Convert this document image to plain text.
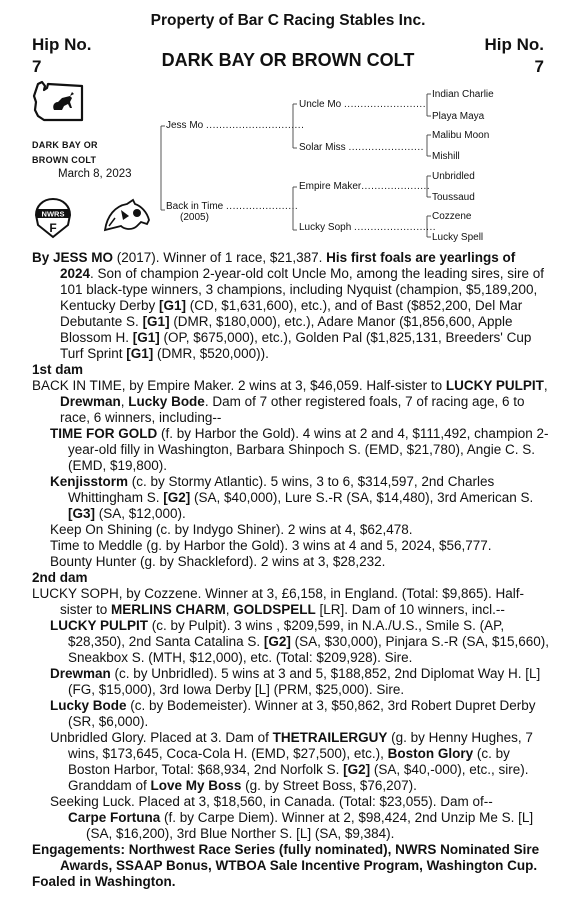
Property of Bar C Racing Stables Inc.
Hip No.
7
Hip No.
7
DARK BAY OR BROWN COLT
DARK BAY OR
BROWN COLT
March 8, 2023
NWRS
F
Jess Mo ..............................
Back in Time ......................
(2005)
Uncle Mo .........................
Solar Miss .......................
Empire Maker.....................
Lucky Soph .........................
Indian Charlie
Playa Maya
Malibu Moon
Mishill
Unbridled
Toussaud
Cozzene
Lucky Spell

By JESS MO (2017). Winner of 1 race, $21,387. His first foals are yearlings of 2024. Son of champion 2-year-old colt Uncle Mo, among the leading sires, sire of 101 black-type winners, 3 champions, including Nyquist (champion, $5,189,200, Kentucky Derby [G1] (CD, $1,631,600), etc.), and of Bast ($852,200, Del Mar Debutante S. [G1] (DMR, $180,000), etc.), Adare Manor ($1,856,600, Apple Blossom H. [G1] (OP, $675,000), etc.), Golden Pal ($1,825,131, Breeders' Cup Turf Sprint [G1] (DMR, $520,000)).

1st dam

BACK IN TIME, by Empire Maker. 2 wins at 3, $46,059. Half-sister to LUCKY PULPIT, Drewman, Lucky Bode. Dam of 7 other registered foals, 7 of racing age, 6 to race, 6 winners, including--

TIME FOR GOLD (f. by Harbor the Gold). 4 wins at 2 and 4, $111,492, champion 2-year-old filly in Washington, Barbara Shinpoch S. (EMD, $21,780), Angie C. S. (EMD, $19,800).

Kenjisstorm (c. by Stormy Atlantic). 5 wins, 3 to 6, $314,597, 2nd Charles Whittingham S. [G2] (SA, $40,000), Lure S.-R (SA, $14,480), 3rd American S. [G3] (SA, $12,000).

Keep On Shining (c. by Indygo Shiner). 2 wins at 4, $62,478.

Time to Meddle (g. by Harbor the Gold). 3 wins at 4 and 5, 2024, $56,777.

Bounty Hunter (g. by Shackleford). 2 wins at 3, $28,232.

2nd dam

LUCKY SOPH, by Cozzene. Winner at 3, £6,158, in England. (Total: $9,865). Half-sister to MERLINS CHARM, GOLDSPELL [LR]. Dam of 10 winners, incl.--

LUCKY PULPIT (c. by Pulpit). 3 wins , $209,599, in N.A./U.S., Smile S. (AP, $28,350), 2nd Santa Catalina S. [G2] (SA, $30,000), Pinjara S.-R (SA, $15,660), Sneakbox S. (MTH, $12,000), etc. (Total: $209,928). Sire.

Drewman (c. by Unbridled). 5 wins at 3 and 5, $188,852, 2nd Diplomat Way H. [L] (FG, $15,000), 3rd Iowa Derby [L] (PRM, $25,000). Sire.

Lucky Bode (c. by Bodemeister). Winner at 3, $50,862, 3rd Robert Dupret Derby (SR, $6,000).

Unbridled Glory. Placed at 3. Dam of THETRAILERGUY (g. by Henny Hughes, 7 wins, $173,645, Coca-Cola H. (EMD, $27,500), etc.), Boston Glory (c. by Boston Harbor, Total: $68,934, 2nd Norfolk S. [G2] (SA, $40,-000), etc., sire). Granddam of Love My Boss (g. by Street Boss, $76,207).

Seeking Luck. Placed at 3, $18,560, in Canada. (Total: $23,055). Dam of--

Carpe Fortuna (f. by Carpe Diem). Winner at 2, $98,424, 2nd Unzip Me S. [L] (SA, $16,200), 3rd Blue Norther S. [L] (SA, $9,384).

Engagements: Northwest Race Series (fully nominated), NWRS Nominated Sire Awards, SSAAP Bonus, WTBOA Sale Incentive Program, Washington Cup.

Foaled in Washington.
